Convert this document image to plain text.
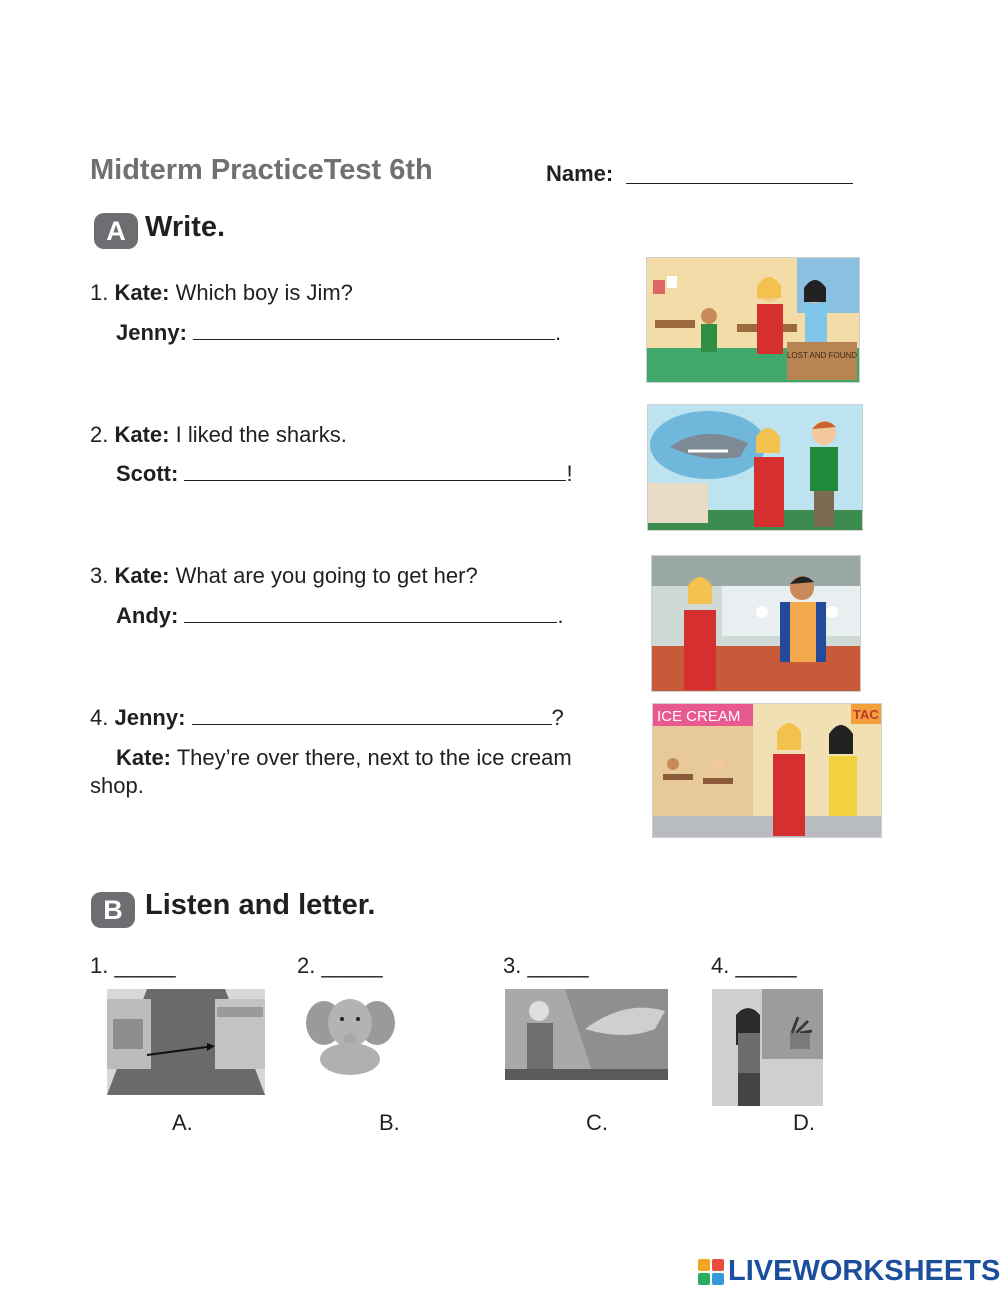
Midterm PracticeTest 6th	Name:
A Write.
1. Kate: Which boy is Jim?
Jenny:	.
2. Kate: I liked the sharks.
Scott:	!
3. Kate: What are you going to get her?
Andy:	.
4. Jenny:	?
Kate: They’re over there, next to the ice cream
shop.
LOST AND FOUND
ICE CREAM	TAC
B Listen and letter.
1. _____	2. _____	3. _____	4. _____
A.	B.	C.	D.
LIVEWORKSHEETS
